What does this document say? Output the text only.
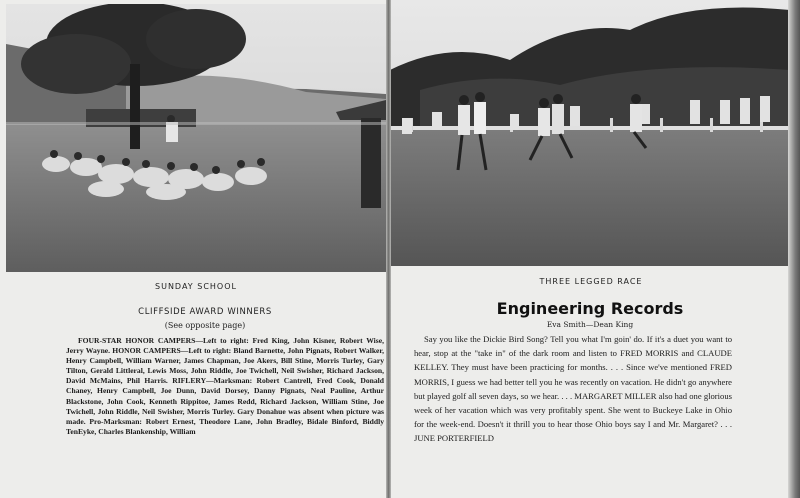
SUNDAY SCHOOL
THREE LEGGED RACE
CLIFFSIDE AWARD WINNERS
(See opposite page)
FOUR-STAR HONOR CAMPERS—Left to right: Fred King, John Kisner, Robert Wise, Jerry Wayne. HONOR CAMPERS—Left to right: Bland Barnette, John Pignats, Robert Walker, Henry Campbell, William Warner, James Chapman, Joe Akers, Bill Stine, Morris Turley, Gary Tilton, Gerald Littleral, Lewis Moss, John Riddle, Joe Twichell, Neil Swisher, Richard Jackson, David McMains, Phil Harris. RIFLERY—Marksman: Robert Cantrell, Fred Cook, Donald Chaney, Henry Campbell, Joe Dunn, David Dorsey, Danny Pignats, Neal Pauline, Arthur Blackstone, John Cook, Kenneth Rippitoe, James Redd, Richard Jackson, William Stine, Joe Twichell, John Riddle, Neil Swisher, Morris Turley. Gary Donahue was absent when picture was made. Pro-Marksman: Robert Ernest, Theodore Lane, John Bradley, Bidale Binford, Biddly TenEyke, Charles Blankenship, William
Engineering Records
Eva Smith—Dean King
Say you like the Dickie Bird Song? Tell you what I'm goin' do. If it's a duet you want to hear, stop at the "take in" of the dark room and listen to FRED MORRIS and CLAUDE KELLEY. They must have been practicing for months. . . . Since we've mentioned FRED MORRIS, I guess we had better tell you he was recently on vacation. He didn't go anywhere but played golf all seven days, so we hear. . . . MARGARET MILLER also had one glorious week of her vacation which was very profitably spent. She went to Buckeye Lake in Ohio for the week-end. Doesn't it thrill you to hear those Ohio boys say I and Mr. Margaret? . . . JUNE PORTERFIELD
